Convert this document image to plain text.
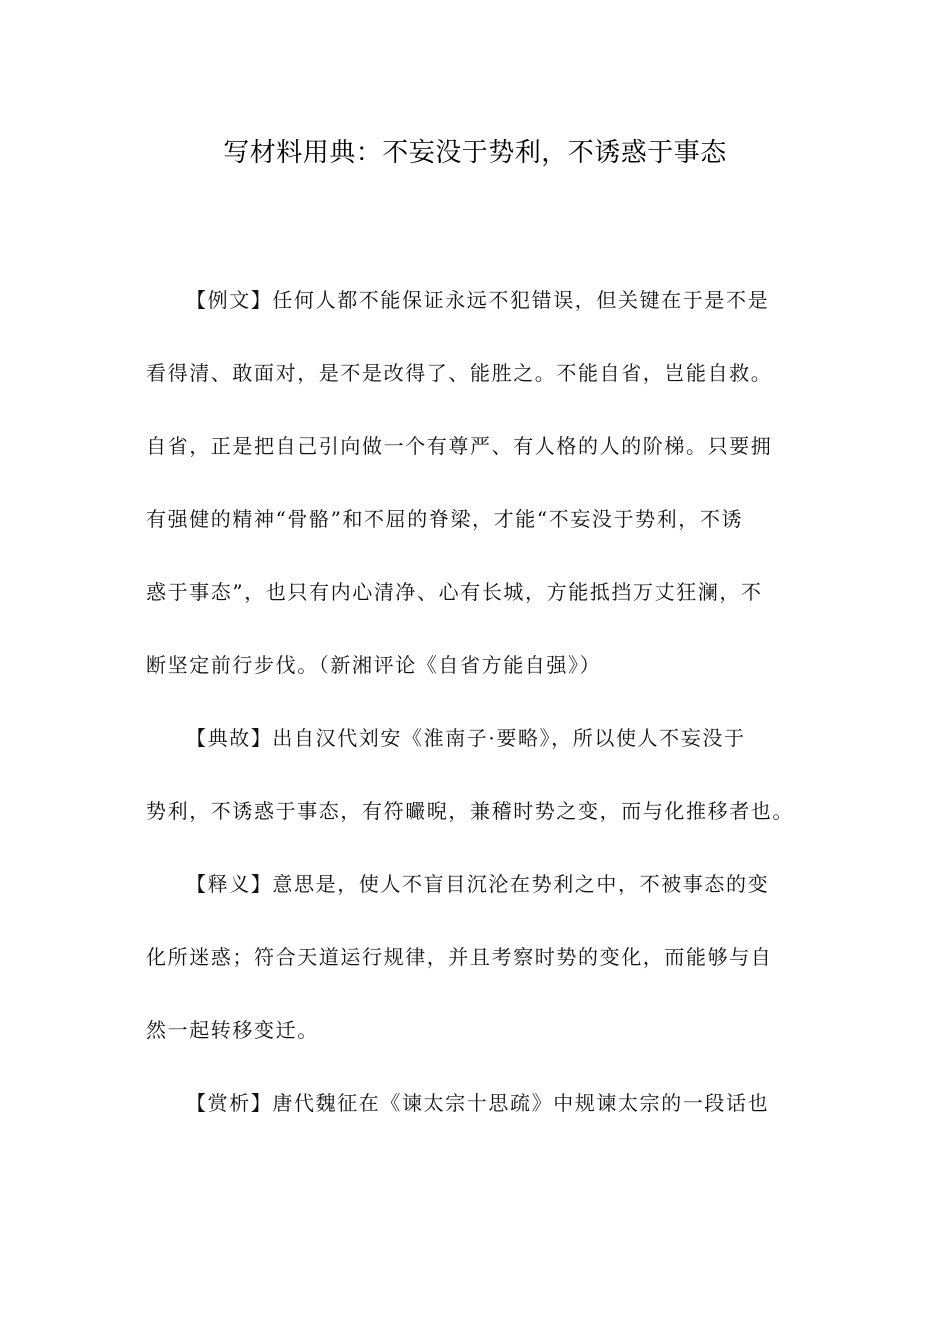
写材料用典：不妄没于势利，不诱惑于事态
【例文】任何人都不能保证永远不犯错误，但关键在于是不是
看得清、敢面对，是不是改得了、能胜之。不能自省，岂能自救。
自省，正是把自己引向做一个有尊严、有人格的人的阶梯。只要拥
有强健的精神“骨骼”和不屈的脊梁，才能“不妄没于势利，不诱
惑于事态”，也只有内心清净、心有长城，方能抵挡万丈狂澜，不
断坚定前行步伐。（新湘评论《自省方能自强》）
【典故】出自汉代刘安《淮南子·要略》，所以使人不妄没于
势利，不诱惑于事态，有符曮晲，兼稽时势之变，而与化推移者也。
【释义】意思是，使人不盲目沉沦在势利之中，不被事态的变
化所迷惑；符合天道运行规律，并且考察时势的变化，而能够与自
然一起转移变迁。
【赏析】唐代魏征在《谏太宗十思疏》中规谏太宗的一段话也
